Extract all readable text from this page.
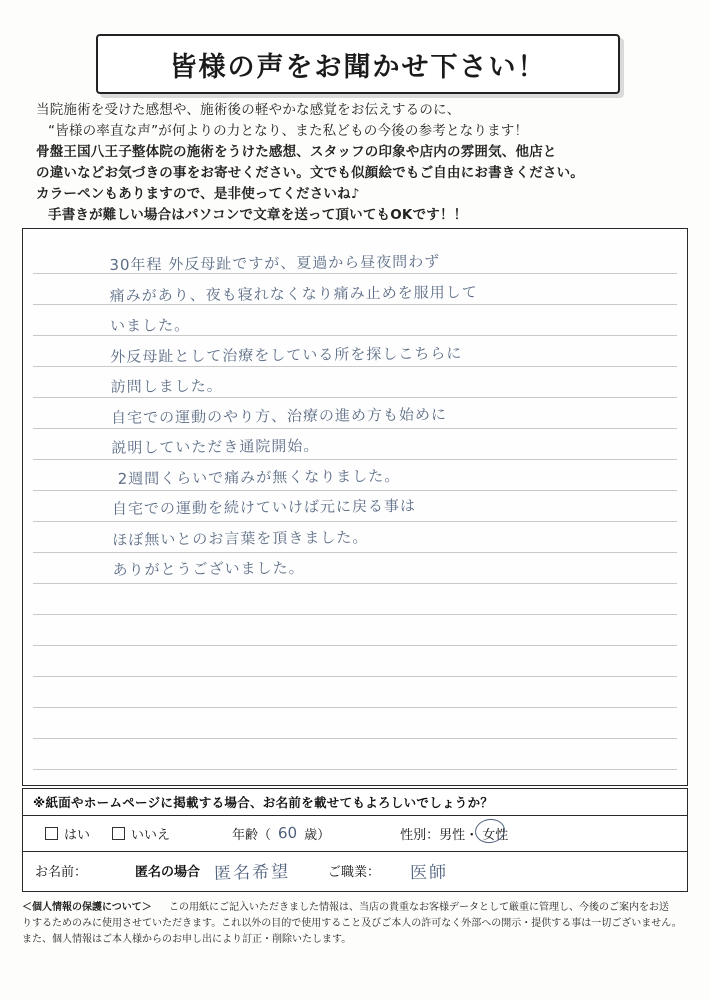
皆様の声をお聞かせ下さい！
当院施術を受けた感想や、施術後の軽やかな感覚をお伝えするのに、
“皆様の率直な声”が何よりの力となり、また私どもの今後の参考となります！
骨盤王国八王子整体院の施術をうけた感想、スタッフの印象や店内の雰囲気、他店と
の違いなどお気づきの事をお寄せください。文でも似顔絵でもご自由にお書きください。
カラーペンもありますので、是非使ってくださいね♪
手書きが難しい場合はパソコンで文章を送って頂いてもOKです！！
30年程 外反母趾ですが、夏過から昼夜問わず
痛みがあり、夜も寝れなくなり痛み止めを服用して
いました。
外反母趾として治療をしている所を探しこちらに
訪問しました。
自宅での運動のやり方、治療の進め方も始めに
説明していただき通院開始。
2週間くらいで痛みが無くなりました。
自宅での運動を続けていけば元に戻る事は
ほぼ無いとのお言葉を頂きました。
ありがとうございました。
※紙面やホームページに掲載する場合、お名前を載せてもよろしいでしょうか？
はい	いいえ	年齢（ 60 歳）	性別： 男性 ・ 女性
お名前：	匿名の場合 匿名希望	ご職業： 医師
＜個人情報の保護について＞ この用紙にご記入いただきました情報は、当店の貴重なお客様データとして厳重に管理し、今後のご案内をお送
りするためのみに使用させていただきます。これ以外の目的で使用すること及びご本人の許可なく外部への開示・提供する事は一切ございません。
また、個人情報はご本人様からのお申し出により訂正・削除いたします。
